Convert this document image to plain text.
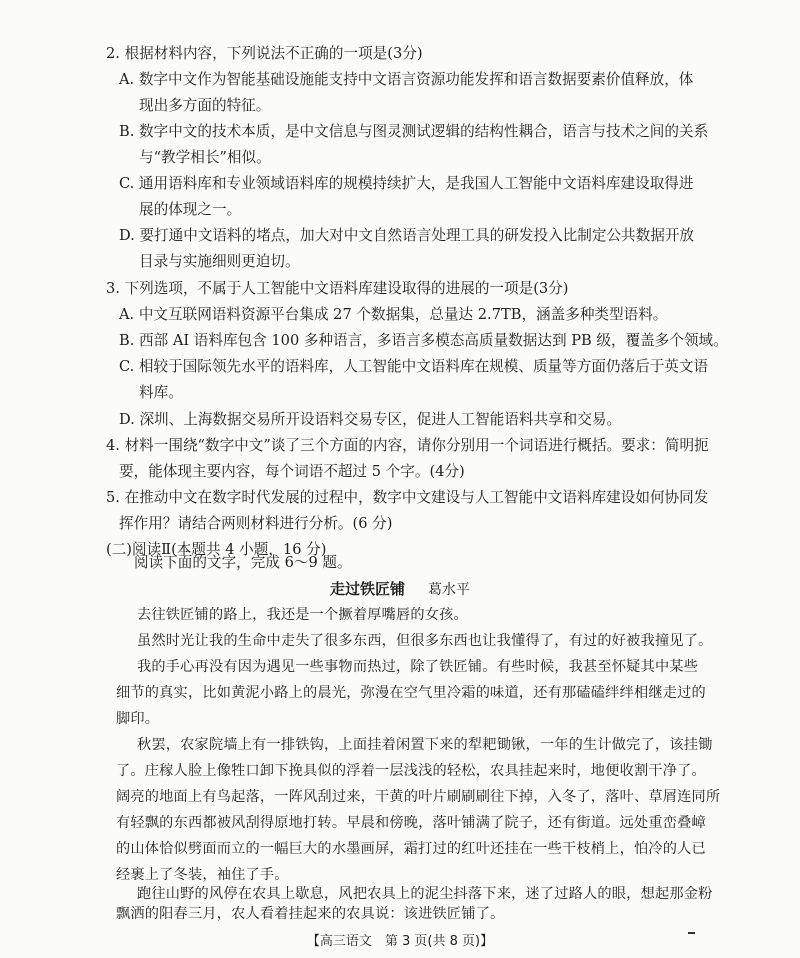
2. 根据材料内容，下列说法不正确的一项是(3分)
A. 数字中文作为智能基础设施能支持中文语言资源功能发挥和语言数据要素价值释放，体
现出多方面的特征。
B. 数字中文的技术本质，是中文信息与图灵测试逻辑的结构性耦合，语言与技术之间的关系
与“教学相长”相似。
C. 通用语料库和专业领域语料库的规模持续扩大，是我国人工智能中文语料库建设取得进
展的体现之一。
D. 要打通中文语料的堵点，加大对中文自然语言处理工具的研发投入比制定公共数据开放
目录与实施细则更迫切。
3. 下列选项，不属于人工智能中文语料库建设取得的进展的一项是(3分)
A. 中文互联网语料资源平台集成 27 个数据集，总量达 2.7TB，涵盖多种类型语料。
B. 西部 AI 语料库包含 100 多种语言，多语言多模态高质量数据达到 PB 级，覆盖多个领域。
C. 相较于国际领先水平的语料库，人工智能中文语料库在规模、质量等方面仍落后于英文语
料库。
D. 深圳、上海数据交易所开设语料交易专区，促进人工智能语料共享和交易。
4. 材料一围绕“数字中文”谈了三个方面的内容，请你分别用一个词语进行概括。要求：简明扼
要，能体现主要内容，每个词语不超过 5 个字。(4分)
5. 在推动中文在数字时代发展的过程中，数字中文建设与人工智能中文语料库建设如何协同发
挥作用？请结合两则材料进行分析。(6 分)
(二)阅读Ⅱ(本题共 4 小题，16 分)
阅读下面的文字，完成 6～9 题。
走过铁匠铺 葛水平
去往铁匠铺的路上，我还是一个撅着厚嘴唇的女孩。
虽然时光让我的生命中走失了很多东西，但很多东西也让我懂得了，有过的好被我撞见了。
我的手心再没有因为遇见一些事物而热过，除了铁匠铺。有些时候，我甚至怀疑其中某些
细节的真实，比如黄泥小路上的晨光，弥漫在空气里冷霜的味道，还有那磕磕绊绊相继走过的
脚印。
秋罢，农家院墙上有一排铁钩，上面挂着闲置下来的犁耙锄锹，一年的生计做完了，该挂锄
了。庄稼人脸上像牲口卸下挽具似的浮着一层浅浅的轻松，农具挂起来时，地便收割干净了。
阔亮的地面上有鸟起落，一阵风刮过来，干黄的叶片刷刷刷往下掉，入冬了，落叶、草屑连同所
有轻飘的东西都被风刮得原地打转。早晨和傍晚，落叶铺满了院子，还有街道。远处重峦叠嶂
的山体恰似劈面而立的一幅巨大的水墨画屏，霜打过的红叶还挂在一些干枝梢上，怕冷的人已
经裹上了冬装，袖住了手。
跑往山野的风停在农具上歇息，风把农具上的泥尘抖落下来，迷了过路人的眼，想起那金粉
飘洒的阳春三月，农人看着挂起来的农具说：该进铁匠铺了。
【高三语文　第 3 页(共 8 页)】
